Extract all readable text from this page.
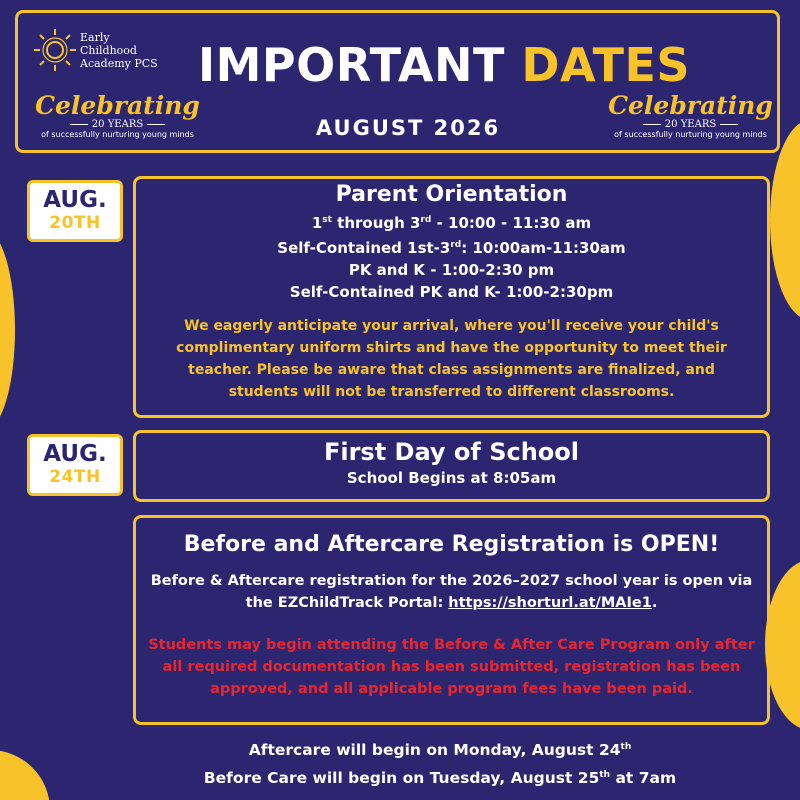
Early
Childhood
Academy PCS
Celebrating
20 YEARS
of successfully nurturing young minds
IMPORTANT DATES
AUGUST 2026
Celebrating
20 YEARS
of successfully nurturing young minds
AUG.
20TH
Parent Orientation
1st through 3rd - 10:00 - 11:30 am
Self-Contained 1st-3rd: 10:00am-11:30am
PK and K - 1:00-2:30 pm
Self-Contained PK and K- 1:00-2:30pm
We eagerly anticipate your arrival, where you'll receive your child's complimentary uniform shirts and have the opportunity to meet their teacher. Please be aware that class assignments are finalized, and students will not be transferred to different classrooms.
AUG.
24TH
First Day of School
School Begins at 8:05am
Before and Aftercare Registration is OPEN!
Before & Aftercare registration for the 2026–2027 school year is open via the EZChildTrack Portal: https://shorturl.at/MAIe1.
Students may begin attending the Before & After Care Program only after all required documentation has been submitted, registration has been approved, and all applicable program fees have been paid.
Aftercare will begin on Monday, August 24th
Before Care will begin on Tuesday, August 25th at 7am
